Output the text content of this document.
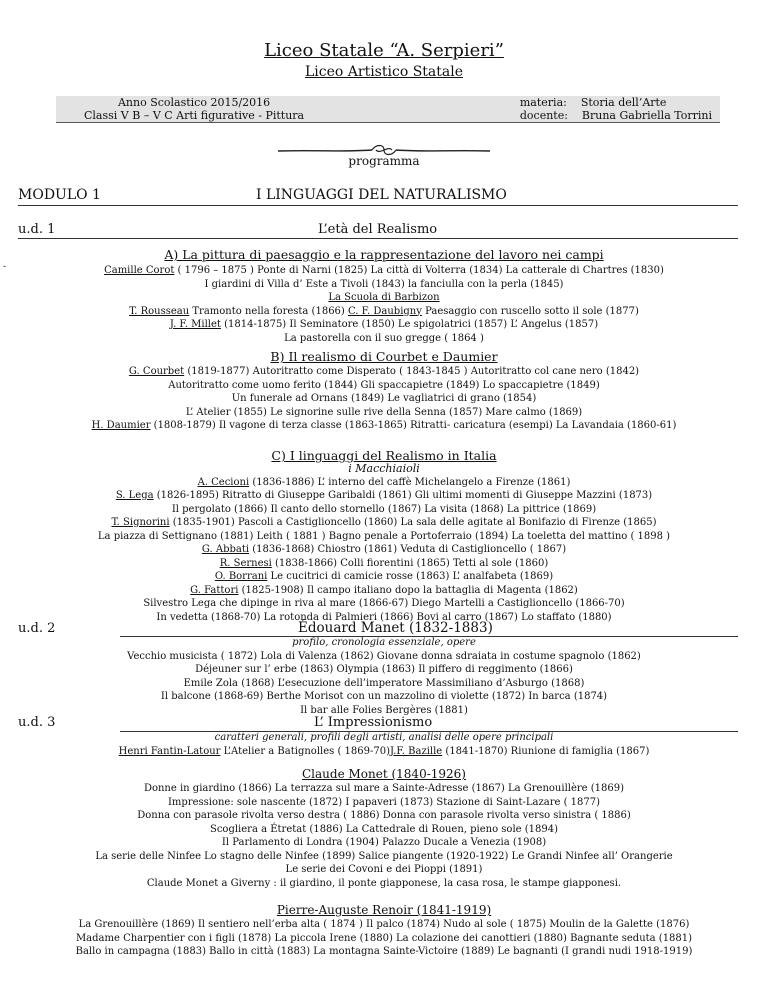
Liceo Statale “A. Serpieri”
Liceo Artistico Statale
Anno Scolastico 2015/2016
Classi V B – V C Arti figurative - Pittura
materia:    Storia dell’Arte
docente:    Bruna Gabriella Torrini
programma
MODULO 1	I LINGUAGGI DEL NATURALISMO
u.d. 1	L’età del Realismo
-
A) La pittura di paesaggio e la rappresentazione del lavoro nei campi
Camille Corot ( 1796 – 1875 ) Ponte di Narni (1825) La città di Volterra (1834) La catterale di Chartres (1830)
I giardini di Villa d’ Este a Tivoli (1843) la fanciulla con la perla (1845)
La Scuola di Barbizon
T. Rousseau Tramonto nella foresta (1866) C. F. Daubigny Paesaggio con ruscello sotto il sole (1877)
J. F. Millet (1814-1875) Il Seminatore (1850) Le spigolatrici (1857) L’ Angelus (1857)
La pastorella con il suo gregge ( 1864 )
B) Il realismo di Courbet e Daumier
G. Courbet (1819-1877) Autoritratto come Disperato ( 1843-1845 ) Autoritratto col cane nero (1842)
Autoritratto come uomo ferito (1844) Gli spaccapietre (1849) Lo spaccapietre (1849)
Un funerale ad Ornans (1849) Le vagliatrici di grano (1854)
L’ Atelier (1855) Le signorine sulle rive della Senna (1857) Mare calmo (1869)
H. Daumier (1808-1879) Il vagone di terza classe (1863-1865) Ritratti- caricatura (esempi) La Lavandaia (1860-61)
C) I linguaggi del Realismo in Italia
i Macchiaioli
A. Cecioni (1836-1886) L’ interno del caffè Michelangelo a Firenze (1861)
S. Lega (1826-1895) Ritratto di Giuseppe Garibaldi (1861) Gli ultimi momenti di Giuseppe Mazzini (1873)
Il pergolato (1866) Il canto dello stornello (1867) La visita (1868) La pittrice (1869)
T. Signorini (1835-1901) Pascoli a Castiglioncello (1860) La sala delle agitate al Bonifazio di Firenze (1865)
La piazza di Settignano (1881) Leith ( 1881 ) Bagno penale a Portoferraio (1894) La toeletta del mattino ( 1898 )
G. Abbati (1836-1868) Chiostro (1861) Veduta di Castiglioncello ( 1867)
R. Sernesi (1838-1866) Colli fiorentini (1865) Tetti al sole (1860)
O. Borrani Le cucitrici di camicie rosse (1863) L’ analfabeta (1869)
G. Fattori (1825-1908) Il campo italiano dopo la battaglia di Magenta (1862)
Silvestro Lega che dipinge in riva al mare (1866-67) Diego Martelli a Castiglioncello (1866-70)
In vedetta (1868-70) La rotonda di Palmieri (1866) Bovi al carro (1867) Lo staffato (1880)
u.d. 2	Édouard Manet (1832-1883)
profilo, cronologia essenziale, opere
Vecchio musicista ( 1872) Lola di Valenza (1862) Giovane donna sdraiata in costume spagnolo (1862)
Déjeuner sur l’ erbe (1863) Olympia (1863) Il piffero di reggimento (1866)
Emile Zola (1868) L’esecuzione dell’imperatore Massimiliano d’Asburgo (1868)
Il balcone (1868-69) Berthe Morisot con un mazzolino di violette (1872) In barca (1874)
Il bar alle Folies Bergères (1881)
u.d. 3	L’ Impressionismo
caratteri generali, profili degli artisti, analisi delle opere principali
Henri Fantin-Latour L’Atelier a Batignolles ( 1869-70)J.F. Bazille (1841-1870) Riunione di famiglia (1867)
Claude Monet (1840-1926)
Donne in giardino (1866) La terrazza sul mare a Sainte-Adresse (1867) La Grenouillère (1869)
Impressione: sole nascente (1872) I papaveri (1873) Stazione di Saint-Lazare ( 1877)
Donna con parasole rivolta verso destra ( 1886) Donna con parasole rivolta verso sinistra ( 1886)
Scogliera a Étretat (1886) La Cattedrale di Rouen, pieno sole (1894)
Il Parlamento di Londra (1904) Palazzo Ducale a Venezia (1908)
La serie delle Ninfee Lo stagno delle Ninfee (1899) Salice piangente (1920-1922) Le Grandi Ninfee all’ Orangerie
Le serie dei Covoni e dei Pioppi (1891)
Claude Monet a Giverny : il giardino, il ponte giapponese, la casa rosa, le stampe giapponesi.
Pierre-Auguste Renoir (1841-1919)
La Grenouillère (1869) Il sentiero nell’erba alta ( 1874 ) Il palco (1874) Nudo al sole ( 1875) Moulin de la Galette (1876)
Madame Charpentier con i figli (1878) La piccola Irene (1880) La colazione dei canottieri (1880) Bagnante seduta (1881)
Ballo in campagna (1883) Ballo in città (1883) La montagna Sainte-Victoire (1889) Le bagnanti (I grandi nudi 1918-1919)
